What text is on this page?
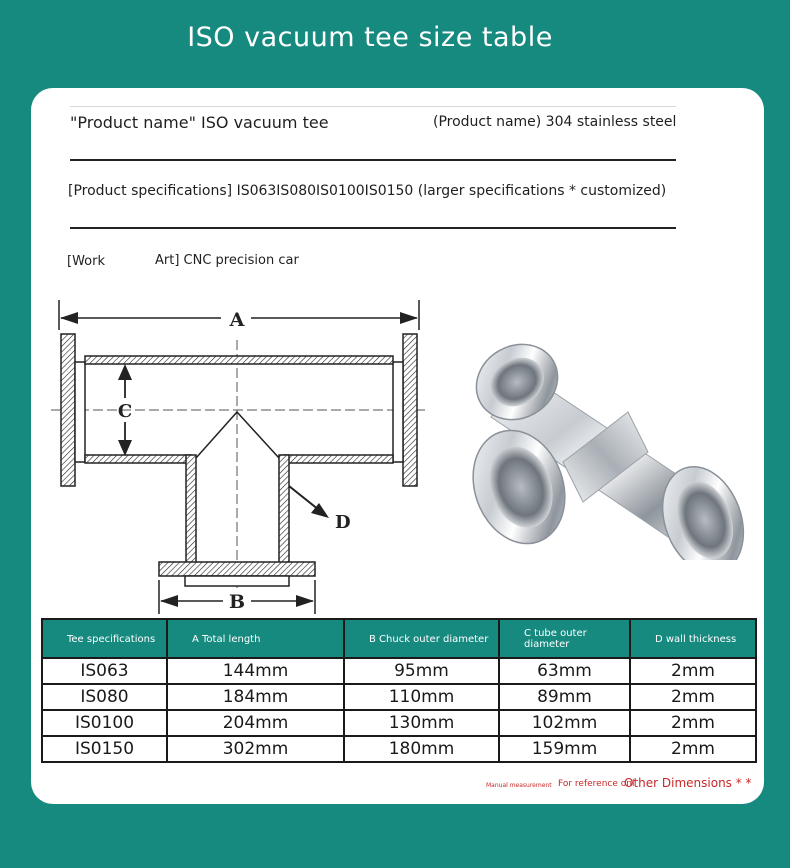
ISO vacuum tee size table
"Product name" ISO vacuum tee	(Product name) 304 stainless steel
[Product specifications] IS063IS080IS0100IS0150 (larger specifications * customized)
[Work	Art] CNC precision car
A
C
D
B
Tee specifications	A Total length	B Chuck outer diameter	C tube outer diameter	D wall thickness

IS063	144mm	95mm	63mm	2mm
IS080	184mm	110mm	89mm	2mm
IS0100	204mm	130mm	102mm	2mm
IS0150	302mm	180mm	159mm	2mm
Manual measurement For reference onl
Other Dimensions * *
